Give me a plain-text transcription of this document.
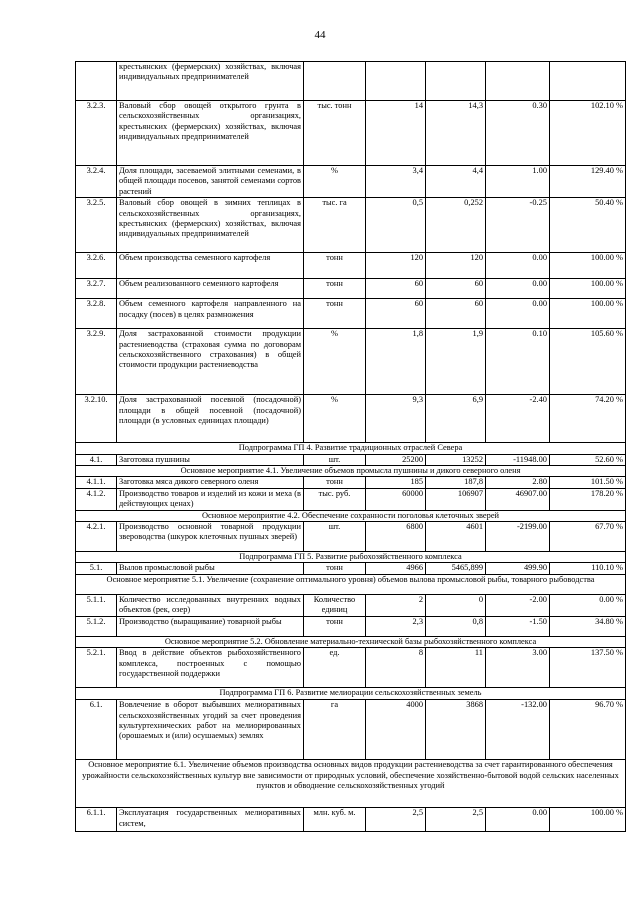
44
	крестьянских (фермерских) хозяйствах, включая индивидуальных предпринимателей					
3.2.3.	Валовый сбор овощей открытого грунта в сельскохозяйственных организациях, крестьянских (фермерских) хозяйствах, включая индивидуальных предпринимателей	тыс. тонн	14	14,3	0.30	102.10 %
3.2.4.	Доля площади, засеваемой элитными семенами, в общей площади посевов, занятой семенами сортов растений	%	3,4	4,4	1.00	129.40 %
3.2.5.	Валовый сбор овощей в зимних теплицах в сельскохозяйственных организациях, крестьянских (фермерских) хозяйствах, включая индивидуальных предпринимателей	тыс. га	0,5	0,252	-0.25	50.40 %
3.2.6.	Объем производства семенного картофеля	тонн	120	120	0.00	100.00 %
3.2.7.	Объем реализованного семенного картофеля	тонн	60	60	0.00	100.00 %
3.2.8.	Объем семенного картофеля направленного на посадку (посев) в целях размножения	тонн	60	60	0.00	100.00 %
3.2.9.	Доля застрахованной стоимости продукции растениеводства (страховая сумма по договорам сельскохозяйственного страхования) в общей стоимости продукции растениеводства	%	1,8	1,9	0.10	105.60 %
3.2.10.	Доля застрахованной посевной (посадочной) площади в общей посевной (посадочной) площади (в условных единицах площади)	%	9,3	6,9	-2.40	74.20 %
Подпрограмма ГП 4. Развитие традиционных отраслей Севера						
4.1.	Заготовка пушнины	шт.	25200	13252	-11948.00	52.60 %
Основное мероприятие 4.1. Увеличение объемов промысла пушнины и дикого северного оленя						
4.1.1.	Заготовка мяса дикого северного оленя	тонн	185	187,8	2.80	101.50 %
4.1.2.	Производство товаров и изделий из кожи и меха (в действующих ценах)	тыс. руб.	60000	106907	46907.00	178.20 %
Основное мероприятие 4.2. Обеспечение сохранности поголовья клеточных зверей						
4.2.1.	Производство основной товарной продукции звероводства (шкурок клеточных пушных зверей)	шт.	6800	4601	-2199.00	67.70 %
Подпрограмма ГП 5. Развитие рыбохозяйственного комплекса						
5.1.	Вылов промысловой рыбы	тонн	4966	5465,899	499.90	110.10 %
Основное мероприятие 5.1. Увеличение (сохранение оптимального уровня) объемов вылова промысловой рыбы, товарного рыбоводства						
5.1.1.	Количество исследованных внутренних водных объектов (рек, озер)	Количество единиц	2	0	-2.00	0.00 %
5.1.2.	Производство (выращивание) товарной рыбы	тонн	2,3	0,8	-1.50	34.80 %
Основное мероприятие 5.2. Обновление материально-технической базы рыбохозяйственного комплекса						
5.2.1.	Ввод в действие объектов рыбохозяйственного комплекса, построенных с помощью государственной поддержки	ед.	8	11	3.00	137.50 %
Подпрограмма ГП 6. Развитие мелиорации сельскохозяйственных земель						
6.1.	Вовлечение в оборот выбывших мелиоративных сельскохозяйственных угодий за счет проведения культуртехнических работ на мелиорированных (орошаемых и (или) осушаемых) землях	га	4000	3868	-132.00	96.70 %
Основное мероприятие 6.1. Увеличение объемов производства основных видов продукции растениеводства за счет гарантированного обеспечения урожайности сельскохозяйственных культур вне зависимости от природных условий, обеспечение хозяйственно-бытовой водой сельских населенных пунктов и обводнение сельскохозяйственных угодий						
6.1.1.	Эксплуатация государственных мелиоративных систем,	млн. куб. м.	2,5	2,5	0.00	100.00 %
